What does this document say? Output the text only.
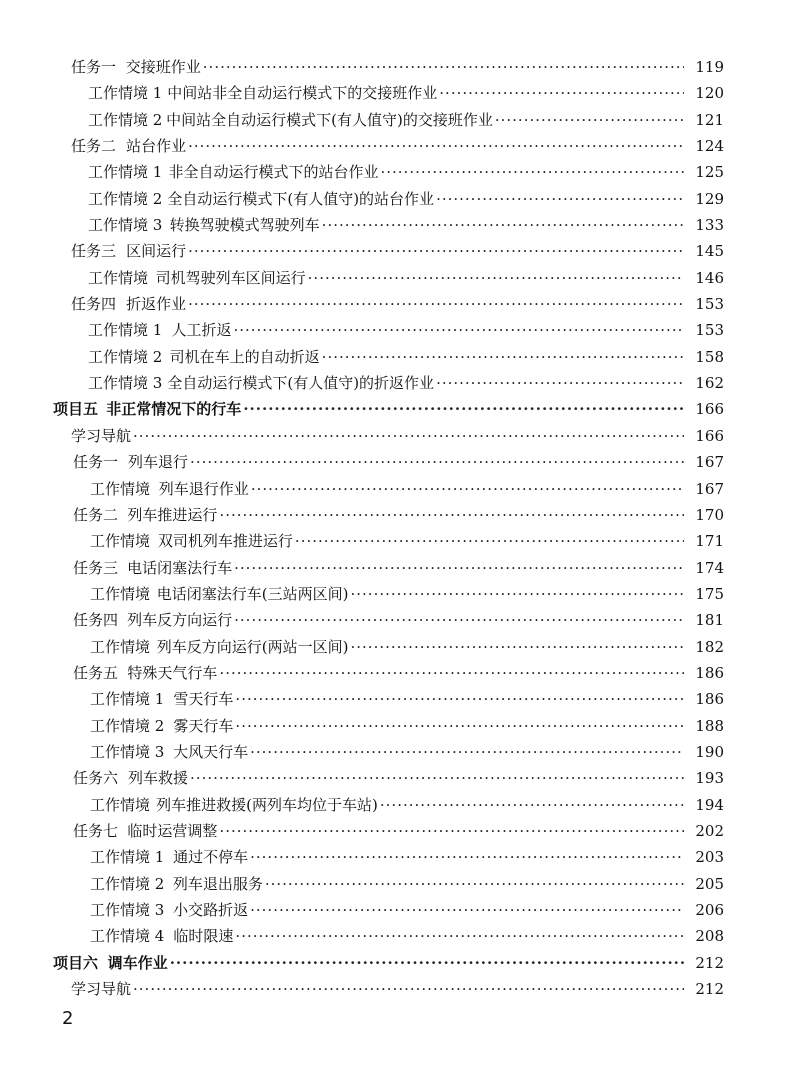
任务一 交接班作业 ·····	119
工作情境 1 中间站非全自动运行模式下的交接班作业 ·····	120
工作情境 2 中间站全自动运行模式下(有人值守)的交接班作业 ·····	121
任务二 站台作业 ·····	124
工作情境 1 非全自动运行模式下的站台作业 ·····	125
工作情境 2 全自动运行模式下(有人值守)的站台作业 ·····	129
工作情境 3 转换驾驶模式驾驶列车 ·····	133
任务三 区间运行 ·····	145
工作情境 司机驾驶列车区间运行 ·····	146
任务四 折返作业 ·····	153
工作情境 1 人工折返 ·····	153
工作情境 2 司机在车上的自动折返 ·····	158
工作情境 3 全自动运行模式下(有人值守)的折返作业 ·····	162
项目五 非正常情况下的行车 ·····	166
学习导航 ·····	166
任务一 列车退行 ·····	167
工作情境 列车退行作业 ·····	167
任务二 列车推进运行 ·····	170
工作情境 双司机列车推进运行 ·····	171
任务三 电话闭塞法行车 ·····	174
工作情境 电话闭塞法行车(三站两区间) ·····	175
任务四 列车反方向运行 ·····	181
工作情境 列车反方向运行(两站一区间) ·····	182
任务五 特殊天气行车 ·····	186
工作情境 1 雪天行车 ·····	186
工作情境 2 雾天行车 ·····	188
工作情境 3 大风天行车 ·····	190
任务六 列车救援 ·····	193
工作情境 列车推进救援(两列车均位于车站) ·····	194
任务七 临时运营调整 ·····	202
工作情境 1 通过不停车 ·····	203
工作情境 2 列车退出服务 ·····	205
工作情境 3 小交路折返 ·····	206
工作情境 4 临时限速 ·····	208
项目六 调车作业 ·····	212
学习导航 ·····	212
2
